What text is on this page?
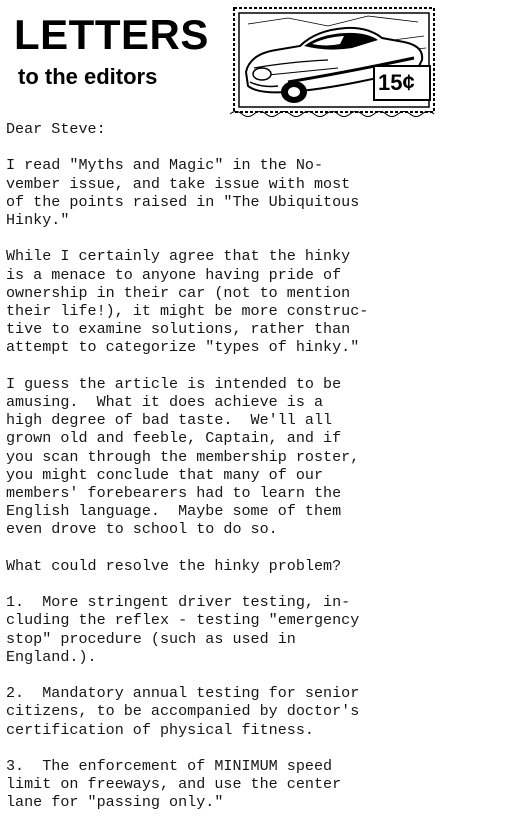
LETTERS
to the editors	15¢

Dear Steve:

I read "Myths and Magic" in the No-
vember issue, and take issue with most
of the points raised in "The Ubiquitous
Hinky."

While I certainly agree that the hinky
is a menace to anyone having pride of
ownership in their car (not to mention
their life!), it might be more construc-
tive to examine solutions, rather than
attempt to categorize "types of hinky."

I guess the article is intended to be
amusing.  What it does achieve is a
high degree of bad taste.  We'll all
grown old and feeble, Captain, and if
you scan through the membership roster,
you might conclude that many of our
members' forebearers had to learn the
English language.  Maybe some of them
even drove to school to do so.

What could resolve the hinky problem?

1.  More stringent driver testing, in-
cluding the reflex - testing "emergency
stop" procedure (such as used in
England.).

2.  Mandatory annual testing for senior
citizens, to be accompanied by doctor's
certification of physical fitness.

3.  The enforcement of MINIMUM speed
limit on freeways, and use the center
lane for "passing only."
